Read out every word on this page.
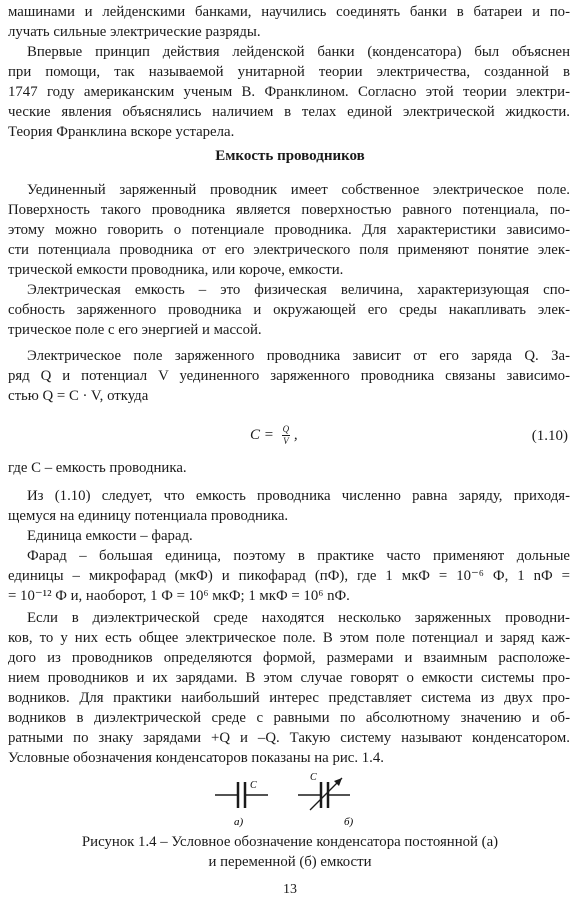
машинами и лейденскими банками, научились соединять банки в батареи и по-
лучать сильные электрические разряды.
Впервые принцип действия лейденской банки (конденсатора) был объяснен
при помощи, так называемой унитарной теории электричества, созданной в
1747 году американским ученым В. Франклином. Согласно этой теории электри-
ческие явления объяснялись наличием в телах единой электрической жидкости.
Теория Франклина вскоре устарела.
Емкость проводников
Уединенный заряженный проводник имеет собственное электрическое поле.
Поверхность такого проводника является поверхностью равного потенциала, по-
этому можно говорить о потенциале проводника. Для характеристики зависимо-
сти потенциала проводника от его электрического поля применяют понятие элек-
трической емкости проводника, или короче, емкости.
Электрическая емкость – это физическая величина, характеризующая спо-
собность заряженного проводника и окружающей его среды накапливать элек-
трическое поле с его энергией и массой.
Электрическое поле заряженного проводника зависит от его заряда Q. За-
ряд Q и потенциал V уединенного заряженного проводника связаны зависимо-
стью Q = C · V, откуда
$C = \frac{Q}{V}$ ,	(1.10)
где C – емкость проводника.
Из (1.10) следует, что емкость проводника численно равна заряду, приходя-
щемуся на единицу потенциала проводника.
Единица емкости – фарад.
Фарад – большая единица, поэтому в практике часто применяют дольные
единицы – микрофарад (мкФ) и пикофарад (пФ), где 1 мкФ = 10⁻⁶ Ф, 1 nФ =
= 10⁻¹² Ф и, наоборот, 1 Ф = 10⁶ мкФ; 1 мкФ = 10⁶ nФ.
Если в диэлектрической среде находятся несколько заряженных проводни-
ков, то у них есть общее электрическое поле. В этом поле потенциал и заряд каж-
дого из проводников определяются формой, размерами и взаимным расположе-
нием проводников и их зарядами. В этом случае говорят о емкости системы про-
водников. Для практики наибольший интерес представляет система из двух про-
водников в диэлектрической среде с равными по абсолютному значению и об-
ратными по знаку зарядами +Q и –Q. Такую систему называют конденсатором.
Условные обозначения конденсаторов показаны на рис. 1.4.
C
а)
C
б)
Рисунок 1.4 – Условное обозначение конденсатора постоянной (а)
и переменной (б) емкости
13
